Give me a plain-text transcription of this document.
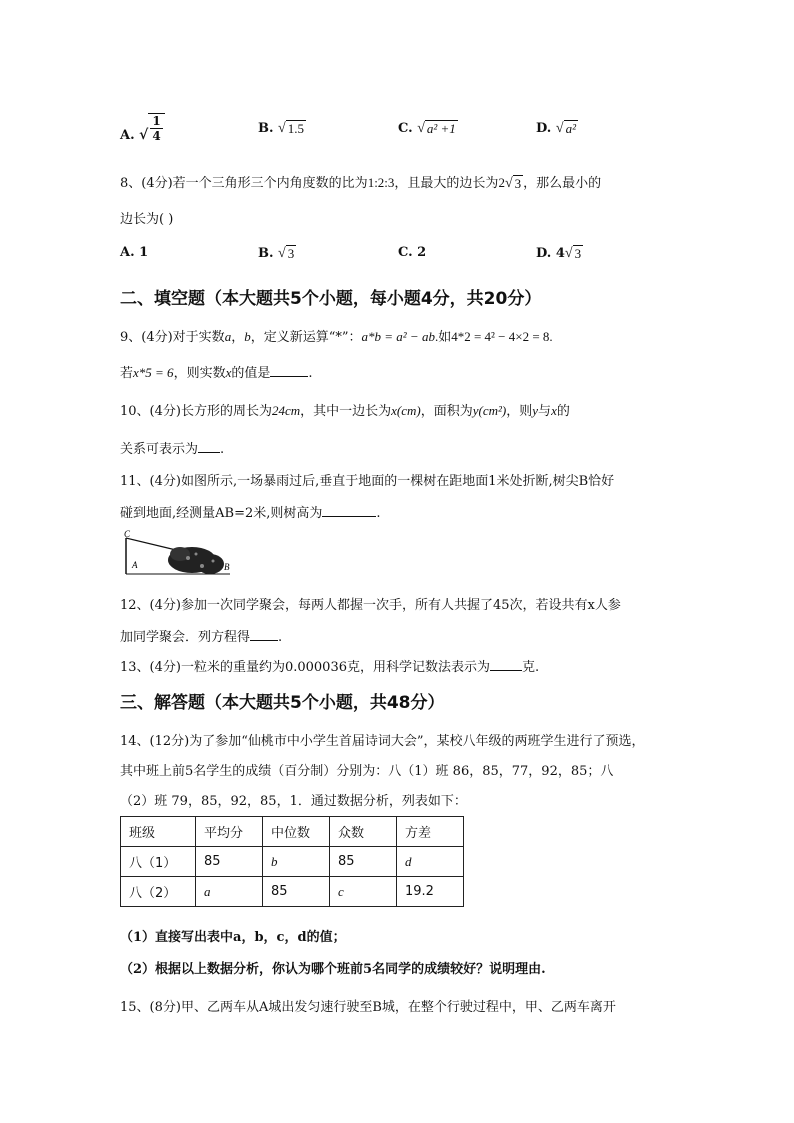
A. √ $\frac{1}{4}$	B. √ 1.5	C. √ a² +1	D. √ a²
8、(4分)若一个三角形三个内角度数的比为1:2:3，且最大的边长为2 √ 3 ，那么最小的
边长为( )
A. 1	B. √ 3	C. 2	D. 4 √ 3
二、填空题（本大题共5个小题，每小题4分，共20分）
9、(4分)对于实数a，b，定义新运算“*”：a*b = a² − ab.如4*2 = 4² − 4×2 = 8.
若x*5 = 6，则实数x的值是	.
10、(4分)长方形的周长为24cm，其中一边长为x(cm)，面积为y(cm²)，则y与x的
关系可表示为 .
11、(4分)如图所示,一场暴雨过后,垂直于地面的一棵树在距地面1米处折断,树尖B恰好
碰到地面,经测量AB=2米,则树高为	.
C
A	B
12、(4分)参加一次同学聚会，每两人都握一次手，所有人共握了45次，若设共有x人参
加同学聚会．列方程得 .
13、(4分)一粒米的重量约为0.000036克，用科学记数法表示为 克.
三、解答题（本大题共5个小题，共48分）
14、(12分)为了参加“仙桃市中小学生首届诗词大会”，某校八年级的两班学生进行了预选，
其中班上前5名学生的成绩（百分制）分别为：八（1）班 86，85，77，92，85；八
（2）班 79，85，92，85，1．通过数据分析，列表如下：
班级	平均分	中位数	众数	方差
八（1）	85	b	85	d
八（2）	a	85	c	19.2
（1）直接写出表中a，b，c，d的值；
（2）根据以上数据分析，你认为哪个班前5名同学的成绩较好？说明理由.
15、(8分)甲、乙两车从A城出发匀速行驶至B城，在整个行驶过程中，甲、乙两车离开
